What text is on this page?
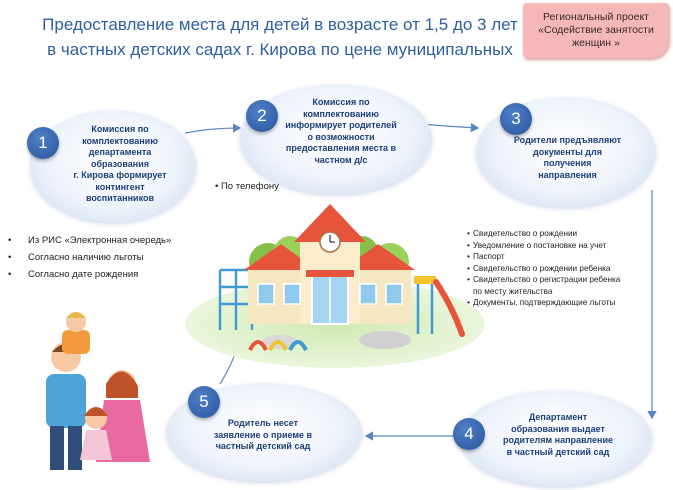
Предоставление места для детей в возрасте от 1,5 до 3 лет
в частных детских садах г. Кирова по цене муниципальных
Региональный проект
«Содействие занятости
женщин »
1
Комиссия по
комплектованию
департамента
образования
г. Кирова формирует
контингент
воспитанников
2
Комиссия по
комплектованию
информирует родителей
о возможности
предоставления места в
частном д/с
3
Родители предъявляют
документы для
получения
направления
4
Департамент
образования выдает
родителям направление
в частный детский сад
5
Родитель несет
заявление о приеме в
частный детский сад
• Из РИС «Электронная очередь»
• Согласно наличию льготы
• Согласно дате рождения
• По телефону
• Свидетельство о рождении
• Уведомление о постановке на учет
• Паспорт
• Свидетельство о рождении ребенка
• Свидетельство о регистрации ребенка
по месту жительства
• Документы, подтверждающие льготы
